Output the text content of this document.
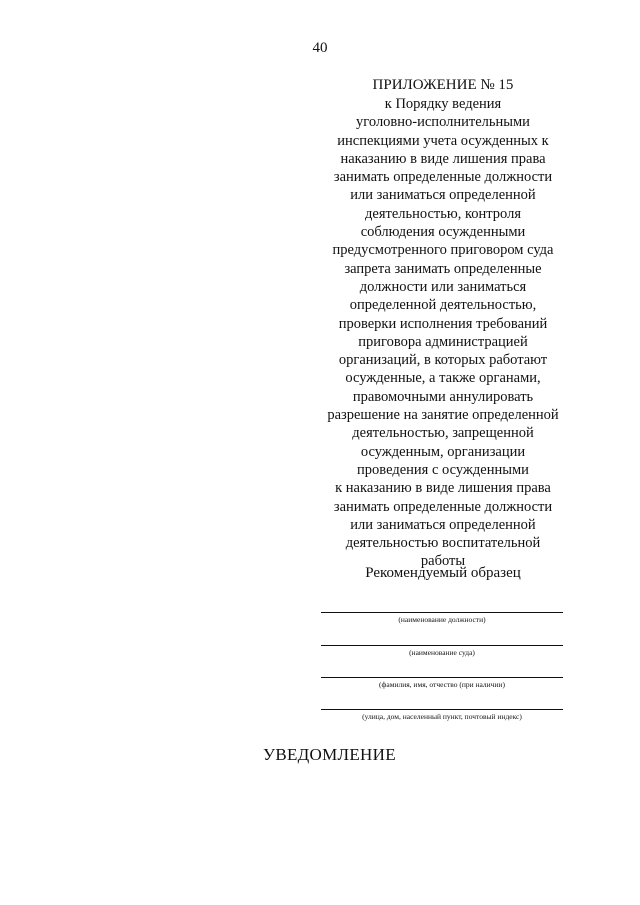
40
ПРИЛОЖЕНИЕ № 15
к Порядку ведения
уголовно-исполнительными
инспекциями учета осужденных к
наказанию в виде лишения права
занимать определенные должности
или заниматься определенной
деятельностью, контроля
соблюдения осужденными
предусмотренного приговором суда
запрета занимать определенные
должности или заниматься
определенной деятельностью,
проверки исполнения требований
приговора администрацией
организаций, в которых работают
осужденные, а также органами,
правомочными аннулировать
разрешение на занятие определенной
деятельностью, запрещенной
осужденным, организации
проведения с осужденными
к наказанию в виде лишения права
занимать определенные должности
или заниматься определенной
деятельностью воспитательной
работы
Рекомендуемый образец
(наименование должности)
(наименование суда)
(фамилия, имя, отчество (при наличии)
(улица, дом, населенный пункт, почтовый индекс)
УВЕДОМЛЕНИЕ
